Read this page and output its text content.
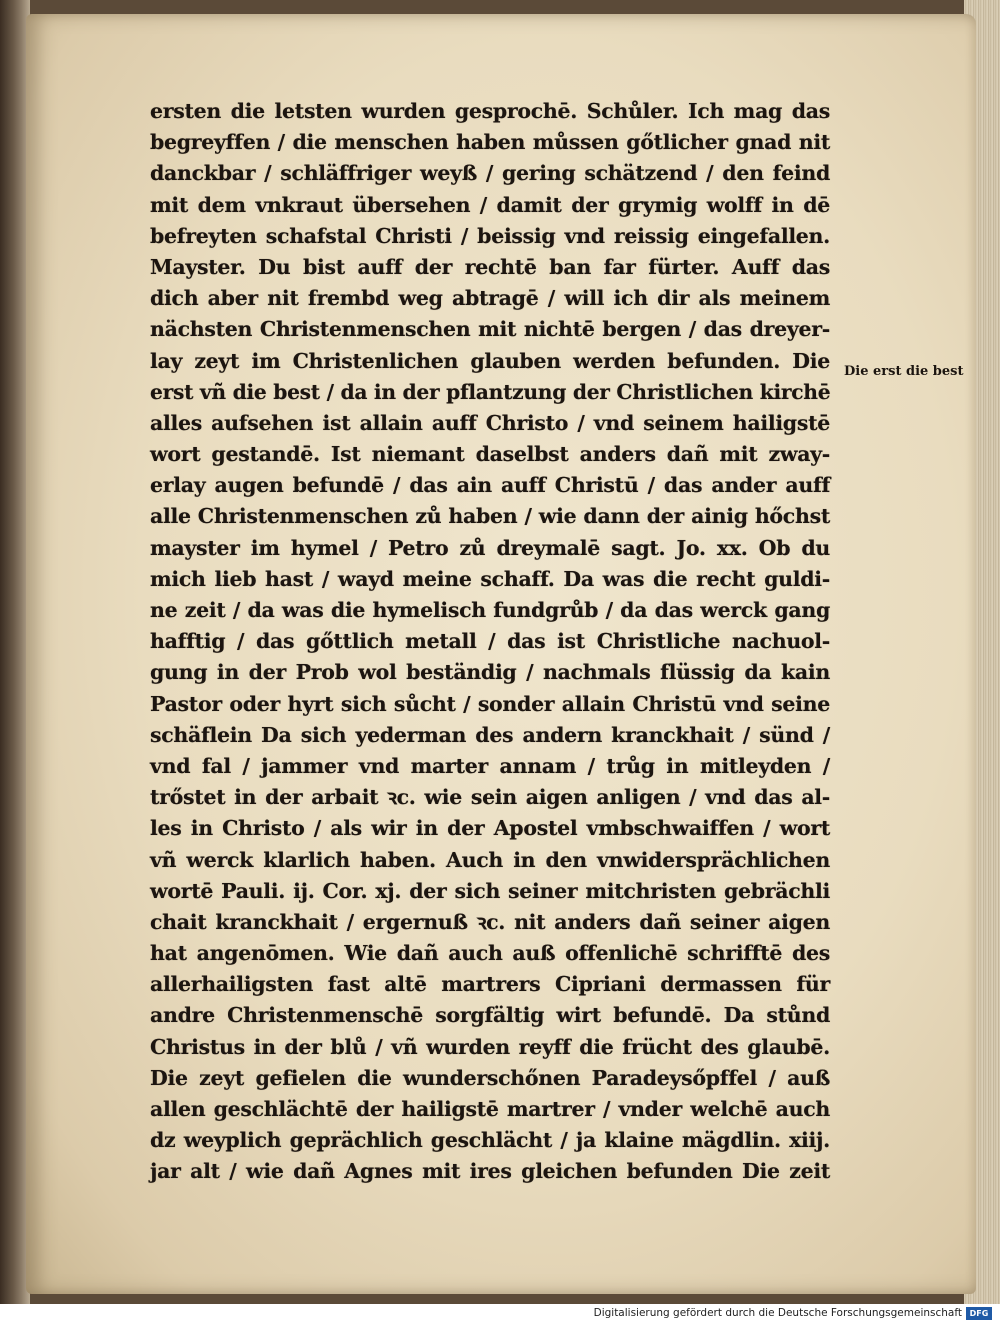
ersten die letsten wurden gesprochē. Schůler. Ich mag das
begreyffen / die menschen haben můssen gőtlicher gnad nit
danckbar / schläffriger weyß / gering schätzend / den feind
mit dem vnkraut übersehen / damit der grymig wolff in dē
befreyten schafstal Christi / beissig vnd reissig eingefallen.
Mayster. Du bist auff der rechtē ban far fürter. Auff das
dich aber nit frembd weg abtragē / will ich dir als meinem
nächsten Christenmenschen mit nichtē bergen / das dreyer-
lay zeyt im Christenlichen glauben werden befunden. Die
erst vñ die best / da in der pflantzung der Christlichen kirchē
alles aufsehen ist allain auff Christo / vnd seinem hailigstē
wort gestandē. Ist niemant daselbst anders dañ mit zway-
erlay augen befundē / das ain auff Christū / das ander auff
alle Christenmenschen zů haben / wie dann der ainig hőchst
mayster im hymel / Petro zů dreymalē sagt. Jo. xx. Ob du
mich lieb hast / wayd meine schaff. Da was die recht guldi-
ne zeit / da was die hymelisch fundgrůb / da das werck gang
hafftig / das gőttlich metall / das ist Christliche nachuol-
gung in der Prob wol beständig / nachmals flüssig da kain
Pastor oder hyrt sich sůcht / sonder allain Christū vnd seine
schäflein Da sich yederman des andern kranckhait / sünd /
vnd fal / jammer vnd marter annam / trůg in mitleyden /
trőstet in der arbait ꝛc. wie sein aigen anligen / vnd das al-
les in Christo / als wir in der Apostel vmbschwaiffen / wort
vñ werck klarlich haben. Auch in den vnwidersprächlichen
wortē Pauli. ij. Cor. xj. der sich seiner mitchristen gebrächli
chait kranckhait / ergernuß ꝛc. nit anders dañ seiner aigen
hat angenōmen. Wie dañ auch auß offenlichē schrifftē des
allerhailigsten fast altē martrers Cipriani dermassen für
andre Christenmenschē sorgfältig wirt befundē. Da stůnd
Christus in der blů / vñ wurden reyff die frücht des glaubē.
Die zeyt gefielen die wunderschőnen Paradeysőpffel / auß
allen geschlächtē der hailigstē martrer / vnder welchē auch
dz weyplich geprächlich geschlächt / ja klaine mägdlin. xiij.
jar alt / wie dañ Agnes mit ires gleichen befunden Die zeit
Die erst die best
Digitalisierung gefördert durch die Deutsche Forschungsgemeinschaft DFG
